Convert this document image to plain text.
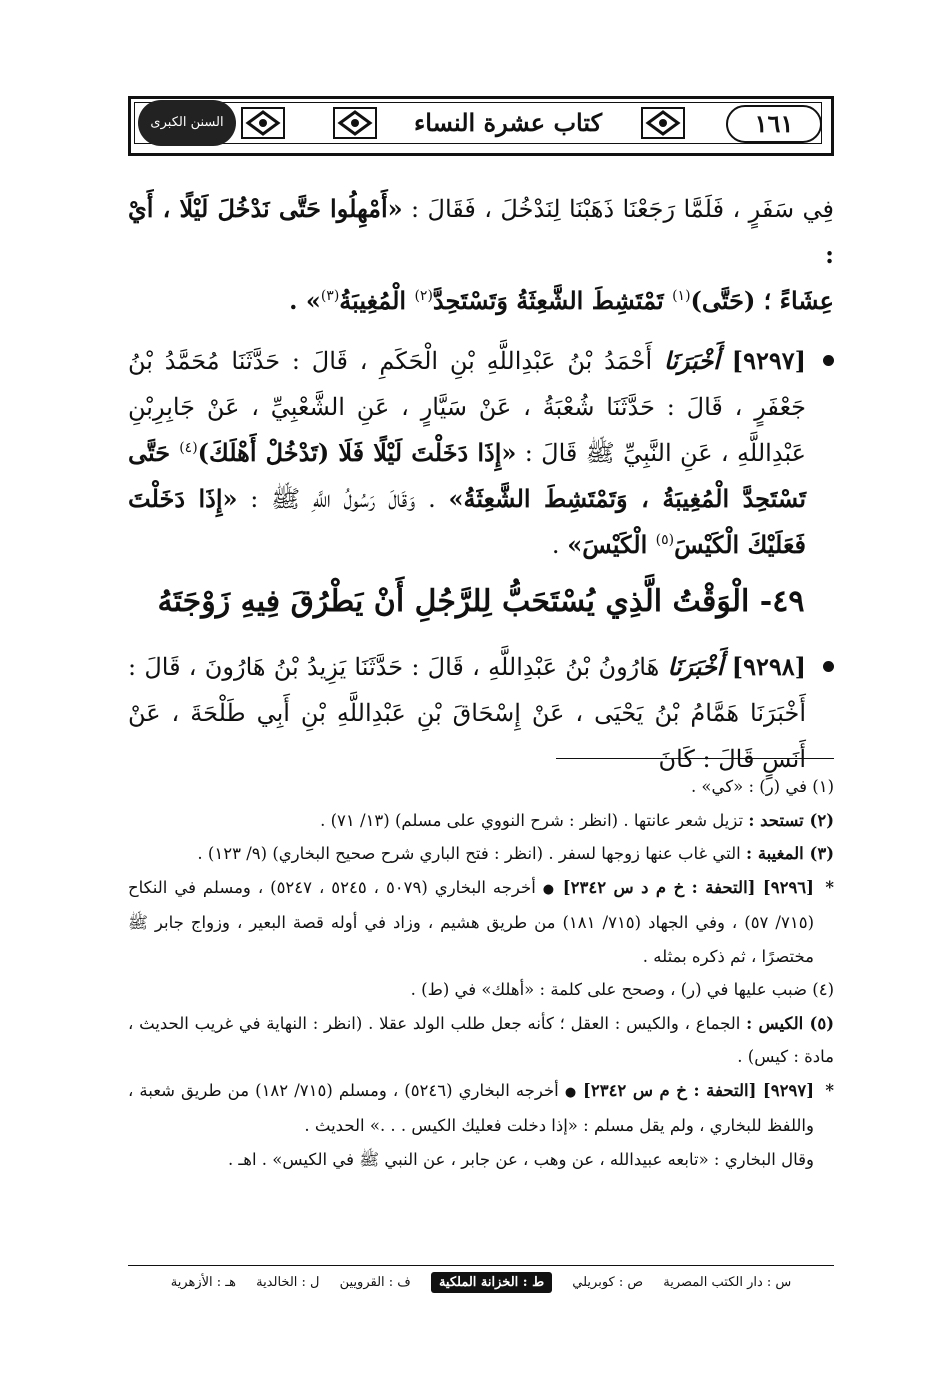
السنن الكبرى	كتاب عشرة النساء	١٦١
فِي سَفَرٍ ، فَلَمَّا رَجَعْنَا ذَهَبْنَا لِنَدْخُلَ ، فَقَالَ : «أَمْهِلُوا حَتَّى نَدْخُلَ لَيْلًا ، أَيْ :
عِشَاءً ؛ (حَتَّى)$^{(١)}$ تَمْتَشِطَ الشَّعِثَةُ وَتَسْتَحِدَّ$^{(٢)}$ الْمُغِيبَةُ$^{(٣)}$» .
[٩٢٩٧] أَخْبَرَنَا أَحْمَدُ بْنُ عَبْدِاللَّهِ بْنِ الْحَكَمِ ، قَالَ : حَدَّثَنَا مُحَمَّدُ بْنُ جَعْفَرٍ ، قَالَ : حَدَّثَنَا شُعْبَةُ ، عَنْ سَيَّارٍ ، عَنِ الشَّعْبِيِّ ، عَنْ جَابِرِبْنِ عَبْدِاللَّهِ ، عَنِ النَّبِيِّ ﷺ قَالَ : «إِذَا دَخَلْتَ لَيْلًا فَلَا (تَدْخُلْ أَهْلَكَ)$^{(٤)}$ حَتَّى تَسْتَحِدَّ الْمُغِيبَةُ ، وَتَمْتَشِطَ الشَّعِثَةُ» . وَقَالَ رَسُولُ اللَّهِ ﷺ : «إِذَا دَخَلْتَ فَعَلَيْكَ الْكَيْسَ$^{(٥)}$ الْكَيْسَ» .
٤٩- الْوَقْتُ الَّذِي يُسْتَحَبُّ لِلرَّجُلِ أَنْ يَطْرُقَ فِيهِ زَوْجَتَهُ
[٩٢٩٨] أَخْبَرَنَا هَارُونُ بْنُ عَبْدِاللَّهِ ، قَالَ : حَدَّثَنَا يَزِيدُ بْنُ هَارُونَ ، قَالَ : أَخْبَرَنَا هَمَّامُ بْنُ يَحْيَى ، عَنْ إِسْحَاقَ بْنِ عَبْدِاللَّهِ بْنِ أَبِي طَلْحَةَ ، عَنْ أَنَسٍ قَالَ : كَانَ
(١) في (ر) : «كي» .
(٢) تستحد : تزيل شعر عانتها . (انظر : شرح النووي على مسلم) (١٣/ ٧١) .
(٣) المغيبة : التي غاب عنها زوجها لسفر . (انظر : فتح الباري شرح صحيح البخاري) (٩/ ١٢٣) .
*
[٩٢٩٦] [التحفة : خ م د س ٢٣٤٢] ● أخرجه البخاري (٥٠٧٩ ، ٥٢٤٥ ، ٥٢٤٧) ، ومسلم في النكاح (٧١٥/ ٥٧) ، وفي الجهاد (٧١٥/ ١٨١) من طريق هشيم ، وزاد في أوله قصة البعير ، وزواج جابر ﷺ مختصرًا ، ثم ذكره بمثله .
(٤) ضبب عليها في (ر) ، وصحح على كلمة : «أهلك» في (ط) .
(٥) الكيس : الجماع ، والكيس : العقل ؛ كأنه جعل طلب الولد عقلا . (انظر : النهاية في غريب الحديث ، مادة : كيس) .
*
[٩٢٩٧] [التحفة : خ م س ٢٣٤٢] ● أخرجه البخاري (٥٢٤٦) ، ومسلم (٧١٥/ ١٨٢) من طريق شعبة ، واللفظ للبخاري ، ولم يقل مسلم : «إذا دخلت فعليك الكيس . . .» الحديث .
وقال البخاري : «تابعه عبيدالله ، عن وهب ، عن جابر ، عن النبي ﷺ في الكيس» . اهـ .
س : دار الكتب المصرية ص : كوبريلي ط : الخزانة الملكية ف : القرويين ل : الخالدية هـ : الأزهرية
